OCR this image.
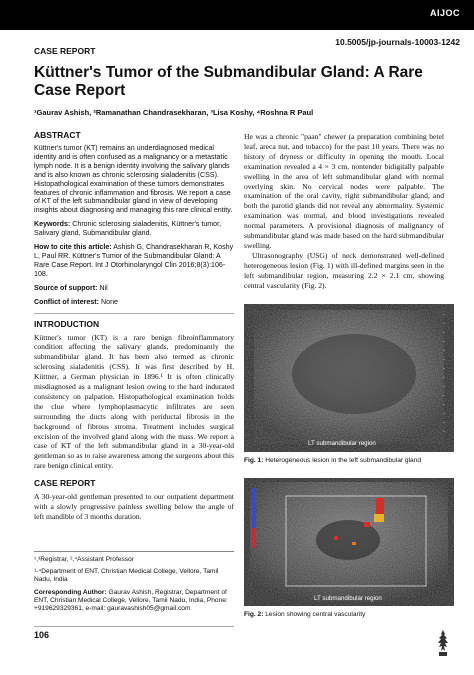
AIJOC
10.5005/jp-journals-10003-1242
CASE REPORT
Küttner's Tumor of the Submandibular Gland: A Rare Case Report
¹Gaurav Ashish, ²Ramanathan Chandrasekharan, ³Lisa Koshy, ⁴Roshna R Paul
ABSTRACT

Küttner's tumor (KT) remains an underdiagnosed medical identity and is often confused as a malignancy or a metastatic lymph node. It is a benign identity involving the salivary glands and is also known as chronic sclerosing sialadenitis (CSS). Histopathological examination of these tumors demonstrates features of chronic inflammation and fibrosis. We report a case of KT of the left submandibular gland in view of developing insights about diagnosing and managing this rare clinical entity.

Keywords: Chronic sclerosing sialadenitis, Küttner's tumor, Salivary gland, Submandibular gland.

How to cite this article: Ashish G, Chandrasekharan R, Koshy L, Paul RR. Küttner's Tumor of the Submandibular Gland: A Rare Case Report. Int J Otorhinolaryngol Clin 2016;8(3):106-108.

Source of support: Nil

Conflict of interest: None

INTRODUCTION

Küttner's tumor (KT) is a rare benign fibroinflammatory condition affecting the salivary glands, predominantly the submandibular gland. It has been also termed as chronic sclerosing sialadenitis (CSS). It was first described by H. Küttner, a German physician in 1896.¹ It is often clinically misdiagnosed as a malignant lesion owing to the hard indurated consistency on palpation. Histopathological examination holds the clue where lymphoplasmacytic infiltrates are seen surrounding the ducts along with periductal fibrosis in the background of fibrous stroma. Treatment includes surgical excision of the involved gland along with the mass. We report a case of KT of the left submandibular gland in a 30-year-old gentleman so as to raise awareness among the surgeons about this rare benign clinical entity.

CASE REPORT

A 30-year-old gentleman presented to our outpatient department with a slowly progressive painless swelling below the angle of left mandible of 3 months duration.

¹,³Registrar, ²,⁴Assistant Professor

¹-⁴Department of ENT, Christian Medical College, Vellore, Tamil Nadu, India

Corresponding Author: Gaurav Ashish, Registrar, Department of ENT, Christian Medical College, Vellore, Tamil Nadu, India, Phone: +919629329361, e-mail: gauravashish05@gmail.com

106

He was a chronic "paan" chewer (a preparation combining betel leaf, areca nut, and tobacco) for the past 10 years. There was no history of dryness or difficulty in opening the mouth. Local examination revealed a 4 × 3 cm, nontender bidigitally palpable swelling in the area of left submandibular gland with normal overlying skin. No cervical nodes were palpable. The examination of the oral cavity, right submandibular gland, and both the parotid glands did not reveal any abnormality. Systemic examination was normal, and blood investigations revealed normal parameters. A provisional diagnosis of malignancy of submandibular gland was made based on the hard submandibular swelling.

Ultrasonography (USG) of neck demonstrated well-defined heterogeneous lesion (Fig. 1) with ill-defined margins seen in the left submandibular region, measuring 2.2 × 2.1 cm, showing central vascularity (Fig. 2).

LT submandibular region
Fig. 1: Heterogeneous lesion in the left submandibular gland
LT submandibular region
Fig. 2: Lesion showing central vascularity
